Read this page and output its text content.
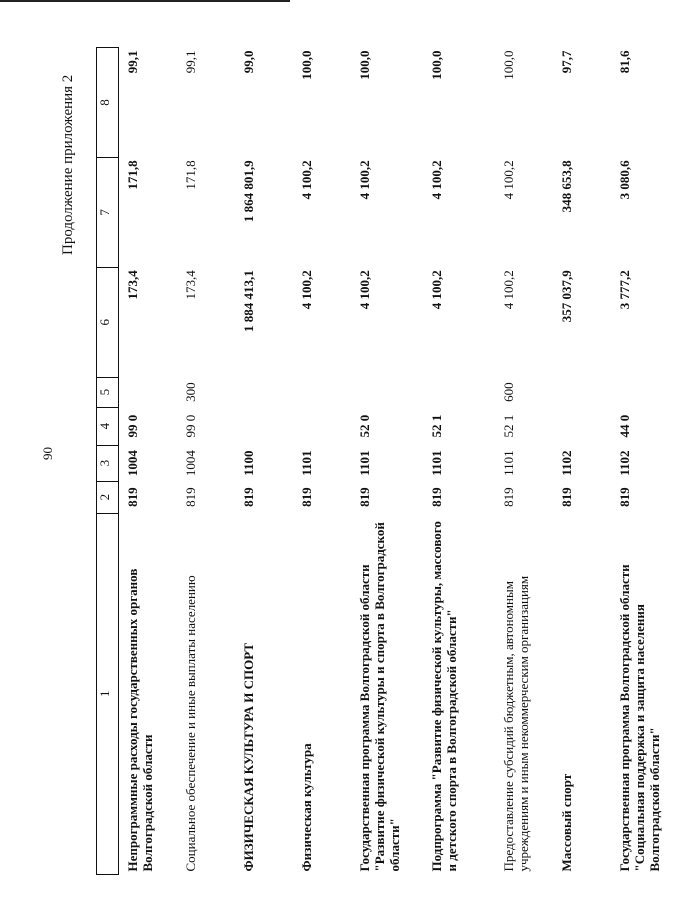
90
Продолжение приложения 2
1	2	3	4	5	6	7	8
Непрограммные расходы государственных органов Волгоградской области	819	1004	99 0		173,4	171,8	99,1
Социальное обеспечение и иные выплаты населению	819	1004	99 0	300	173,4	171,8	99,1
ФИЗИЧЕСКАЯ КУЛЬТУРА И СПОРТ	819	1100			1 884 413,1	1 864 801,9	99,0
Физическая культура	819	1101			4 100,2	4 100,2	100,0
Государственная программа Волгоградской области "Развитие физической культуры и спорта в Волгоградской области"	819	1101	52 0		4 100,2	4 100,2	100,0
Подпрограмма "Развитие физической культуры, массового и детского спорта в Волгоградской области"	819	1101	52 1		4 100,2	4 100,2	100,0
Предоставление субсидий бюджетным, автономным учреждениям и иным некоммерческим организациям	819	1101	52 1	600	4 100,2	4 100,2	100,0
Массовый спорт	819	1102			357 037,9	348 653,8	97,7
Государственная программа Волгоградской области "Социальная поддержка и защита населения Волгоградской области"	819	1102	44 0		3 777,2	3 080,6	81,6
